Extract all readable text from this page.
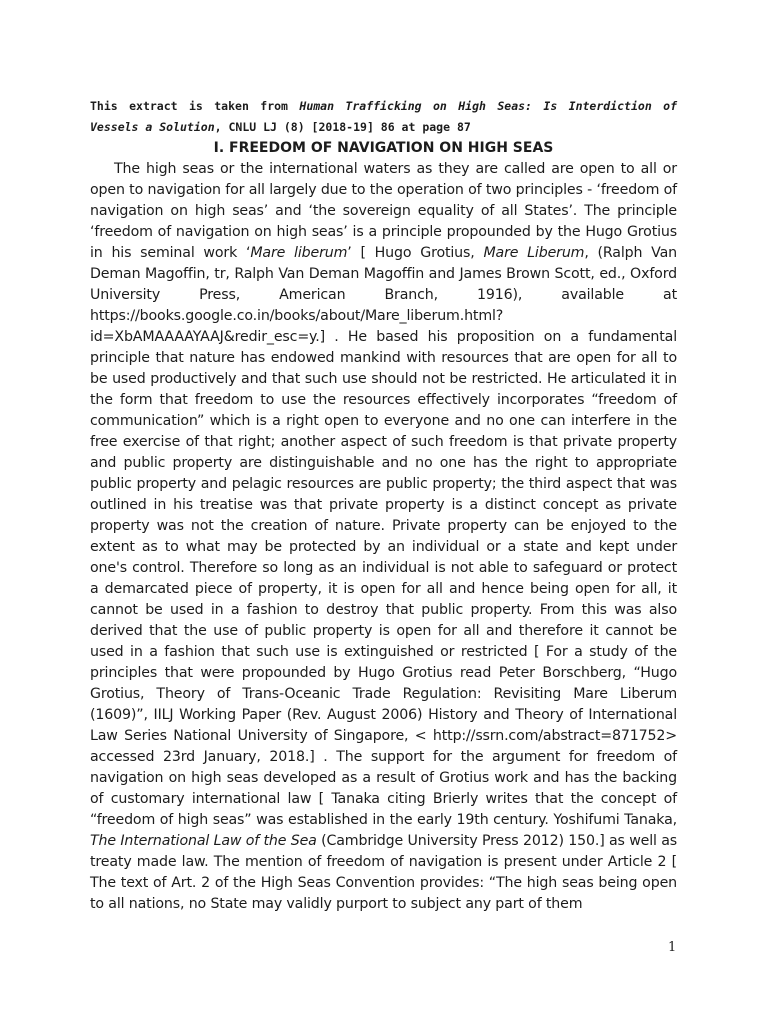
This extract is taken from Human Trafficking on High Seas: Is Interdiction of Vessels a Solution, CNLU LJ (8) [2018-19] 86 at page 87

I. FREEDOM OF NAVIGATION ON HIGH SEAS

The high seas or the international waters as they are called are open to all or open to navigation for all largely due to the operation of two principles - ‘freedom of navigation on high seas’ and ‘the sovereign equality of all States’. The principle ‘freedom of navigation on high seas’ is a principle propounded by the Hugo Grotius in his seminal work ‘Mare liberum’ [ Hugo Grotius, Mare Liberum, (Ralph Van Deman Magoffin, tr, Ralph Van Deman Magoffin and James Brown Scott, ed., Oxford University Press, American Branch, 1916), available at https://books.google.co.in/books/about/Mare_liberum.html?id=XbAMAAAAYAAJ&redir_esc=y.] . He based his proposition on a fundamental principle that nature has endowed mankind with resources that are open for all to be used productively and that such use should not be restricted. He articulated it in the form that freedom to use the resources effectively incorporates “freedom of communication” which is a right open to everyone and no one can interfere in the free exercise of that right; another aspect of such freedom is that private property and public property are distinguishable and no one has the right to appropriate public property and pelagic resources are public property; the third aspect that was outlined in his treatise was that private property is a distinct concept as private property was not the creation of nature. Private property can be enjoyed to the extent as to what may be protected by an individual or a state and kept under one's control. Therefore so long as an individual is not able to safeguard or protect a demarcated piece of property, it is open for all and hence being open for all, it cannot be used in a fashion to destroy that public property. From this was also derived that the use of public property is open for all and therefore it cannot be used in a fashion that such use is extinguished or restricted [ For a study of the principles that were propounded by Hugo Grotius read Peter Borschberg, “Hugo Grotius, Theory of Trans-Oceanic Trade Regulation: Revisiting Mare Liberum (1609)”, IILJ Working Paper (Rev. August 2006) History and Theory of International Law Series National University of Singapore, < http://ssrn.com/abstract=871752> accessed 23rd January, 2018.] . The support for the argument for freedom of navigation on high seas developed as a result of Grotius work and has the backing of customary international law [ Tanaka citing Brierly writes that the concept of “freedom of high seas” was established in the early 19th century. Yoshifumi Tanaka, The International Law of the Sea (Cambridge University Press 2012) 150.] as well as treaty made law. The mention of freedom of navigation is present under Article 2 [ The text of Art. 2 of the High Seas Convention provides: “The high seas being open to all nations, no State may validly purport to subject any part of them

1
